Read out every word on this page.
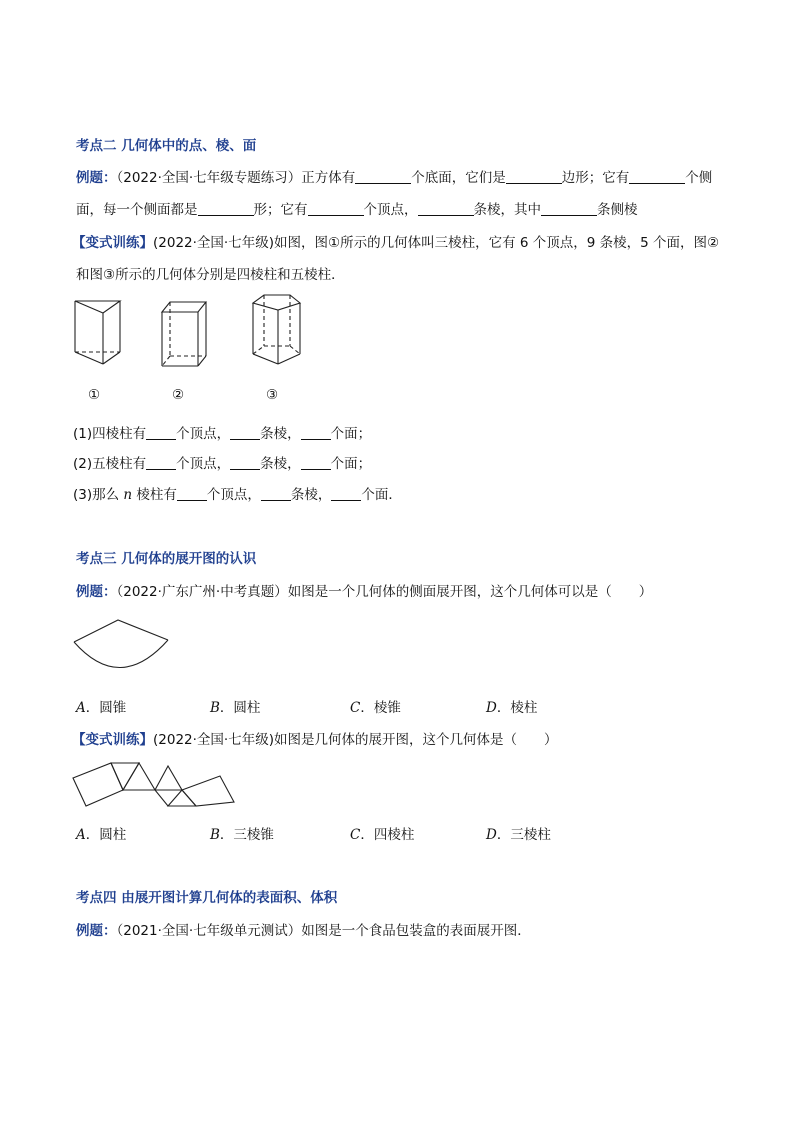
考点二 几何体中的点、棱、面
例题：（2022·全国·七年级专题练习）正方体有	个底面，它们是	边形；它有	个侧
面，每一个侧面都是	形；它有	个顶点，	条棱，其中	条侧棱
【变式训练】(2022·全国·七年级)如图，图①所示的几何体叫三棱柱，它有 6 个顶点，9 条棱，5 个面，图②
和图③所示的几何体分别是四棱柱和五棱柱．
①	②	③
(1)四棱柱有 个顶点， 条棱， 个面；
(2)五棱柱有 个顶点， 条棱， 个面；
(3)那么 n 棱柱有 个顶点， 条棱， 个面．
考点三 几何体的展开图的认识
例题：（2022·广东广州·中考真题）如图是一个几何体的侧面展开图，这个几何体可以是（　　）
A．圆锥	B．圆柱	C．棱锥	D．棱柱
【变式训练】(2022·全国·七年级)如图是几何体的展开图，这个几何体是（　　）
A．圆柱	B．三棱锥	C．四棱柱	D．三棱柱
考点四 由展开图计算几何体的表面积、体积
例题：（2021·全国·七年级单元测试）如图是一个食品包装盒的表面展开图．
